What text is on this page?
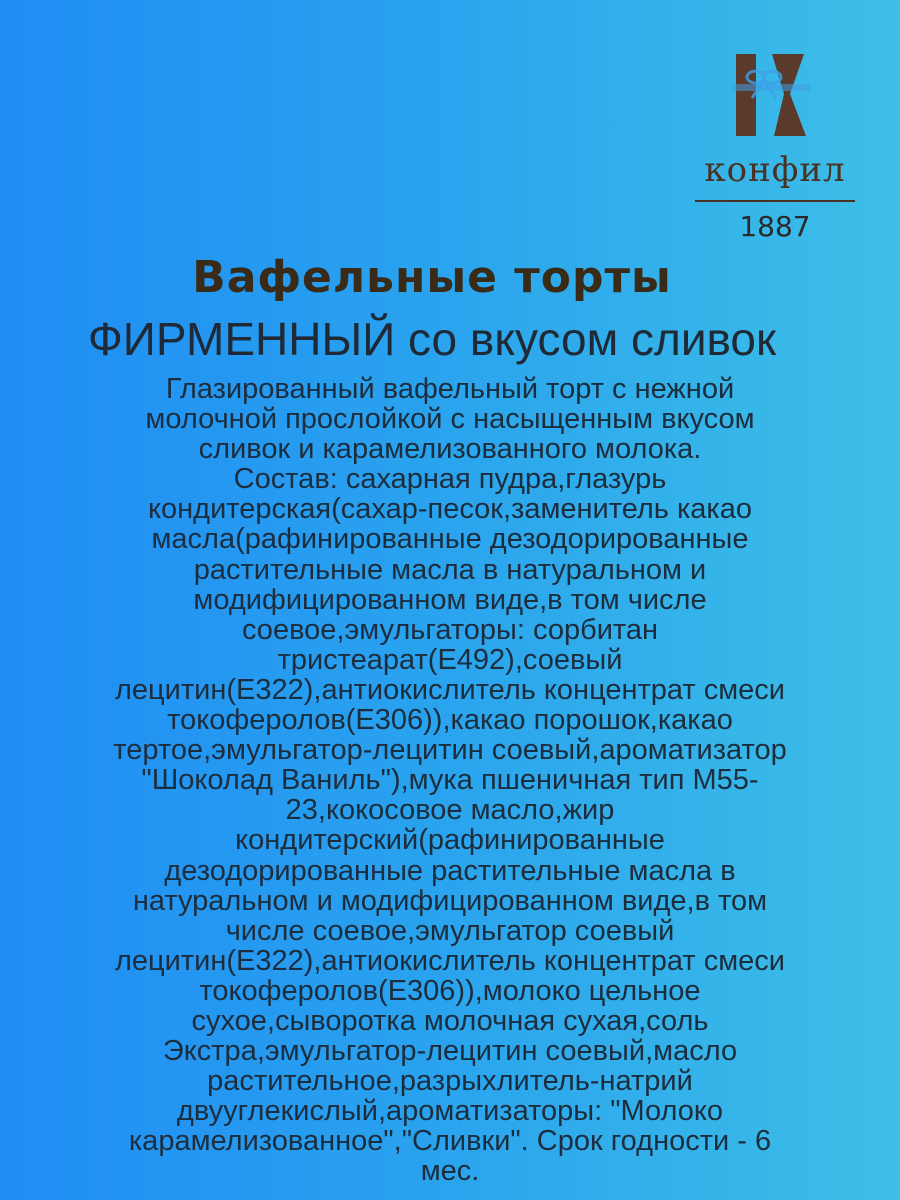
конфил
1887
Вафельные торты
ФИРМЕННЫЙ со вкусом сливок
Глазированный вафельный торт с нежной
молочной прослойкой с насыщенным вкусом
сливок и карамелизованного молока.
Состав: сахарная пудра,глазурь
кондитерская(сахар-песок,заменитель какао
масла(рафинированные дезодорированные
растительные масла в натуральном и
модифицированном виде,в том числе
соевое,эмульгаторы: сорбитан
тристеарат(Е492),соевый
лецитин(Е322),антиокислитель концентрат смеси
токоферолов(Е306)),какао порошок,какао
тертое,эмульгатор-лецитин соевый,ароматизатор
"Шоколад Ваниль"),мука пшеничная тип М55-
23,кокосовое масло,жир
кондитерский(рафинированные
дезодорированные растительные масла в
натуральном и модифицированном виде,в том
числе соевое,эмульгатор соевый
лецитин(Е322),антиокислитель концентрат смеси
токоферолов(Е306)),молоко цельное
сухое,сыворотка молочная сухая,соль
Экстра,эмульгатор-лецитин соевый,масло
растительное,разрыхлитель-натрий
двууглекислый,ароматизаторы: "Молоко
карамелизованное","Сливки". Срок годности - 6
мес.
